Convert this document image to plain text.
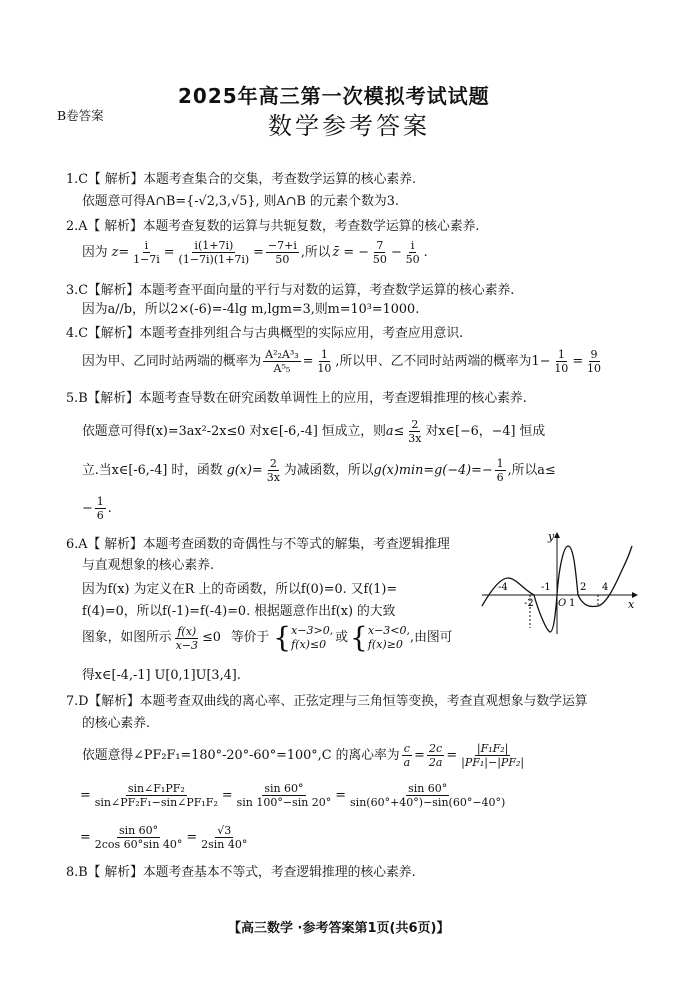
2025年高三第一次模拟考试试题
数学参考答案
B卷答案
1.C【 解析】本题考查集合的交集，考查数学运算的核心素养.
依题意可得A∩B={-√2,3,√5}, 则A∩B 的元素个数为3.
2.A【 解析】本题考查复数的运算与共轭复数，考查数学运算的核心素养.
因为 $z= \frac{i}{1-7i} = \frac{i(1+7i)}{(1-7i)(1+7i)} = \frac{-7+i}{50}$ ,所以 z̄ = − $\frac{7}{50} - \frac{i}{50}$ .
3.C【解析】本题考查平面向量的平行与对数的运算，考查数学运算的核心素养.
因为a//b，所以2×(-6)=-4lg m,lgm=3,则m=10³=1000.
4.C【解析】本题考查排列组合与古典概型的实际应用，考查应用意识.
因为甲、乙同时站两端的概率为 $\frac{\text{A²₂A³₃}}{\text{A⁵₅}} = \frac{1}{10}$ ,所以甲、乙不同时站两端的概率为$1- \frac{1}{10} = \frac{9}{10}$
5.B【解析】本题考查导数在研究函数单调性上的应用，考查逻辑推理的核心素养.
依题意可得f(x)=3ax²-2x≤0 对x∈[-6,-4] 恒成立，则 $a\le \frac{2}{3x}$ 对x∈[−6，−4] 恒成
立.当x∈[-6,-4] 时，函数 $g(x)= \frac{2}{3x}$ 为减函数，所以 $g(x)\min=g(-4)=- \frac{1}{6}$ ,所以a≤
− $\frac{1}{6}$ .
6.A【 解析】本题考查函数的奇偶性与不等式的解集，考查逻辑推理
与直观想象的核心素养.
因为f(x) 为定义在R 上的奇函数，所以f(0)=0. 又f(1)=
f(4)=0，所以f(-1)=f(-4)=0. 根据题意作出f(x) 的大致
图象，如图所示 $\frac{f(x)}{x-3} \le 0$ 等价于 { x−3>0,
f(x)≤0 或 { x−3<0,
f(x)≥0 ,由图可
得x∈[-4,-1] U[0,1]U[3,4].
y
x
O
-4
-2
-1
1
2 4
7.D【解析】本题考查双曲线的离心率、正弦定理与三角恒等变换，考查直观想象与数学运算
的核心素养.
依题意得∠PF₂F₁=180°-20°-60°=100°,C 的离心率为 $\frac{c}{a} = \frac{2c}{2a} = \frac{\text{|F₁F₂|}}{\text{|PF₁|−|PF₂|}}$
= $\frac{\text{sin∠F₁PF₂}}{\text{sin∠PF₂F₁−sin∠PF₁F₂}} = \frac{\sin 60^\circ}{\sin 100^\circ-\sin 20^\circ} = \frac{\sin 60^\circ}{\sin(60^\circ+40^\circ)-\sin(60^\circ-40^\circ)}$
= $\frac{\sin 60^\circ}{2\cos 60^\circ\sin 40^\circ} = \frac{√3}{2\sin 40^\circ}$
8.B【 解析】本题考查基本不等式，考查逻辑推理的核心素养.
【高三数学 ·参考答案第1页(共6页)】
